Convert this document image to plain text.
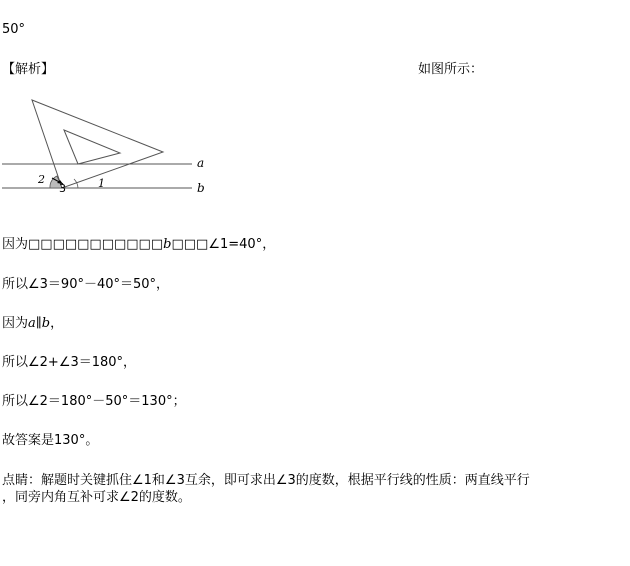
50°
【解析】	如图所示：
a
b
1
2
3
因为□□□□□□□□□□□b□□□∠1=40°，
所以∠3＝90°－40°＝50°，
因为a∥b，
所以∠2+∠3＝180°，
所以∠2＝180°－50°＝130°；
故答案是130°。
点睛：解题时关键抓住∠1和∠3互余，即可求出∠3的度数，根据平行线的性质：两直线平行
，同旁内角互补可求∠2的度数。
